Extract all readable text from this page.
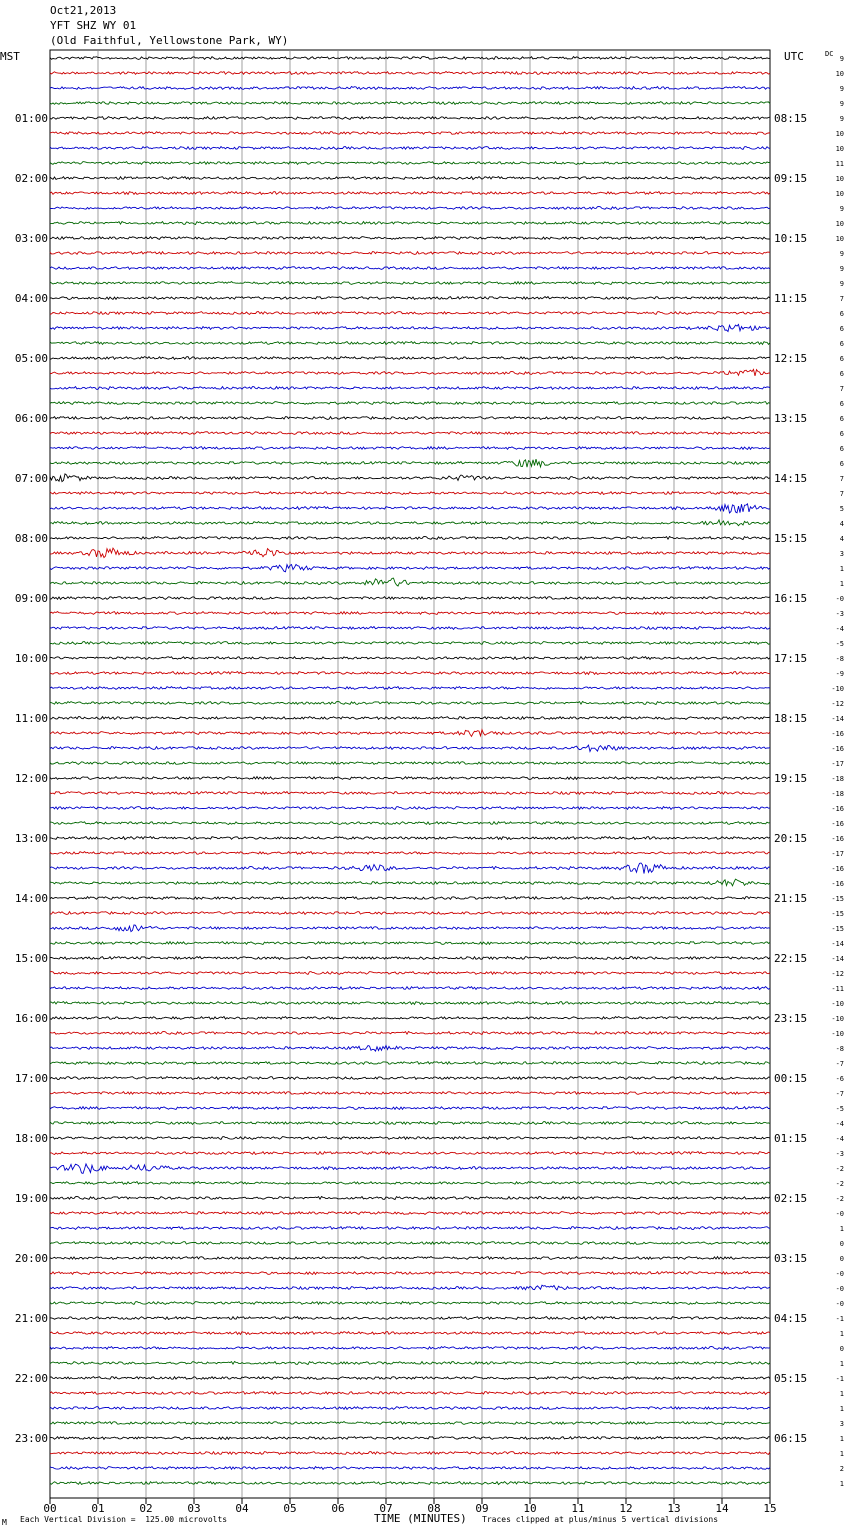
Oct21,2013
YFT SHZ WY 01
(Old Faithful, Yellowstone Park, WY)
9
10
9
9
9
10
10
11
10
10
9
10
10
9
9
9
7
6
6
6
6
6
7
6
6
6
6
6
7
7
5
4
4
3
1
1
-0
-3
-4
-5
-8
-9
-10
-12
-14
-16
-16
-17
-18
-18
-16
-16
-16
-17
-16
-16
-15
-15
-15
-14
-14
-12
-11
-10
-10
-10
-8
-7
-6
-7
-5
-4
-4
-3
-2
-2
-2
-0
1
0
0
-0
-0
-0
-1
1
0
1
-1
1
1
3
1
1
2
1
MST	UTC	DC
01:00
02:00
03:00
04:00
05:00
06:00
07:00
08:00
09:00
10:00
11:00
12:00
13:00
14:00
15:00
16:00
17:00
18:00
19:00
20:00
21:00
22:00
23:00
08:15
09:15
10:15
11:15
12:15
13:15
14:15
15:15
16:15
17:15
18:15
19:15
20:15
21:15
22:15
23:15
00:15
01:15
02:15
03:15
04:15
05:15
06:15
00	01	02	03	04	05	06	07	08	09	10	11	12	13	14	15
M Each Vertical Division =  125.00 microvolts	TIME (MINUTES) Traces clipped at plus/minus 5 vertical divisions
